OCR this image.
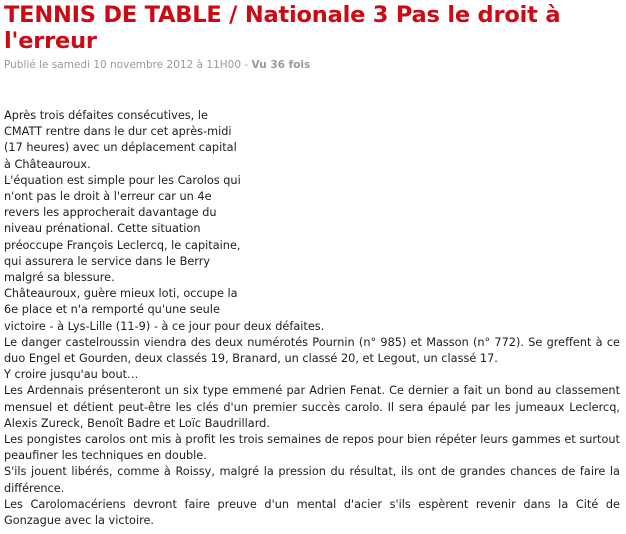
TENNIS DE TABLE / Nationale 3 Pas le droit à l'erreur
Publié le samedi 10 novembre 2012 à 11H00 - Vu 36 fois
Après trois défaites consécutives, le
CMATT rentre dans le dur cet après-midi
(17 heures) avec un déplacement capital
à Châteauroux.
L'équation est simple pour les Carolos qui
n'ont pas le droit à l'erreur car un 4e
revers les approcherait davantage du
niveau prénational. Cette situation
préoccupe François Leclercq, le capitaine,
qui assurera le service dans le Berry
malgré sa blessure.
Châteauroux, guère mieux loti, occupe la
6e place et n'a remporté qu'une seule
victoire - à Lys-Lille (11-9) - à ce jour pour deux défaites.
Le danger castelroussin viendra des deux numérotés Pournin (n° 985) et Masson (n° 772). Se greffent à ce duo Engel et Gourden, deux classés 19, Branard, un classé 20, et Legout, un classé 17.
Y croire jusqu'au bout…
Les Ardennais présenteront un six type emmené par Adrien Fenat. Ce dernier a fait un bond au classement mensuel et détient peut-être les clés d'un premier succès carolo. Il sera épaulé par les jumeaux Leclercq, Alexis Zureck, Benoît Badre et Loïc Baudrillard.
Les pongistes carolos ont mis à profit les trois semaines de repos pour bien répéter leurs gammes et surtout peaufiner les techniques en double.
S'ils jouent libérés, comme à Roissy, malgré la pression du résultat, ils ont de grandes chances de faire la différence.
Les Carolomacériens devront faire preuve d'un mental d'acier s'ils espèrent revenir dans la Cité de Gonzague avec la victoire.
